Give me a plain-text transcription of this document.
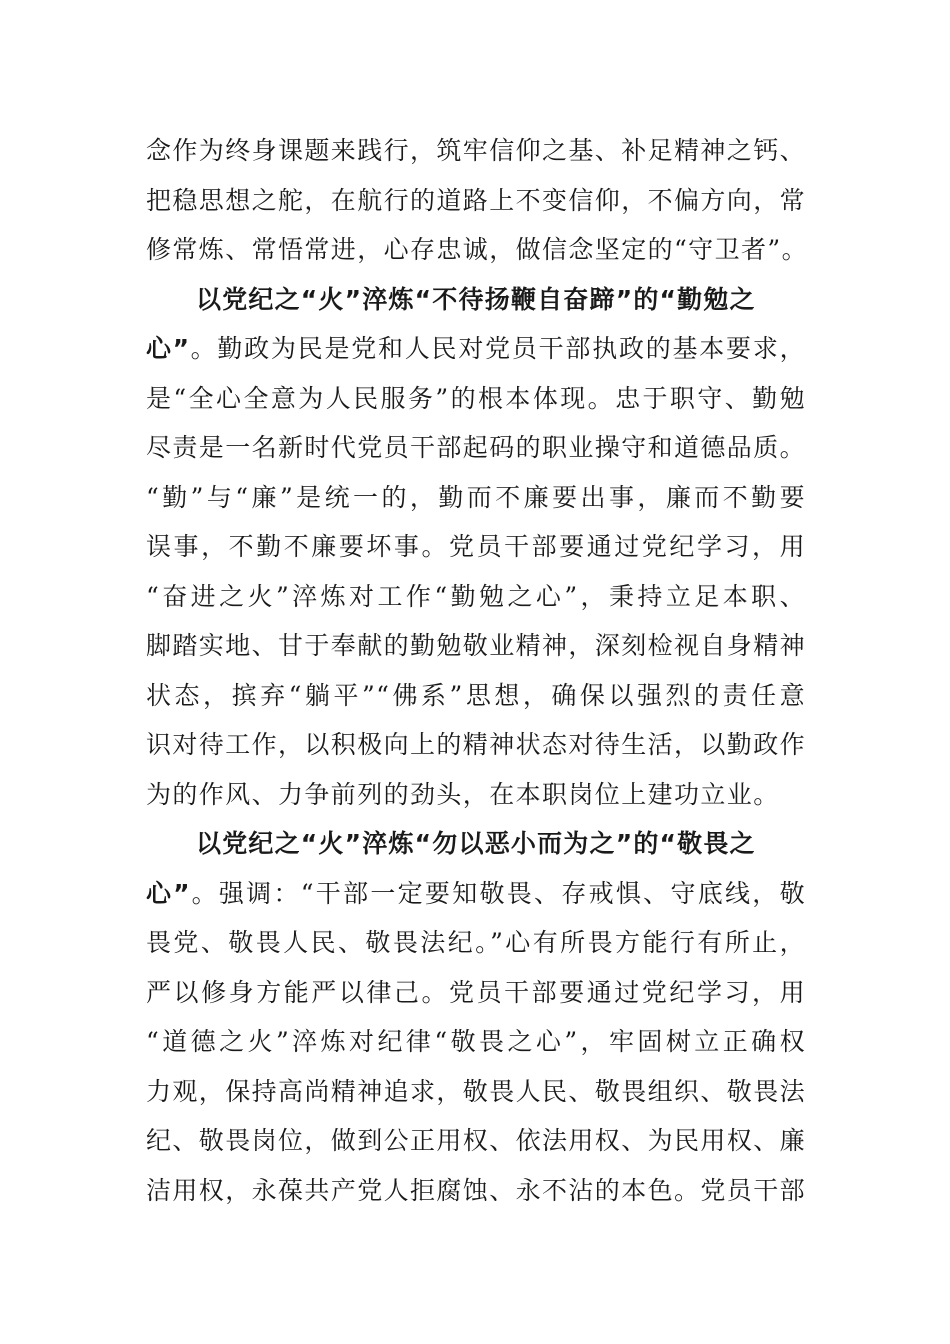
念作为终身课题来践行，筑牢信仰之基、补足精神之钙、
把稳思想之舵，在航行的道路上不变信仰，不偏方向，常
修常炼、常悟常进，心存忠诚，做信念坚定的“守卫者”。
以党纪之“火”淬炼“不待扬鞭自奋蹄”的“勤勉之
心”。勤政为民是党和人民对党员干部执政的基本要求，
是“全心全意为人民服务”的根本体现。忠于职守、勤勉
尽责是一名新时代党员干部起码的职业操守和道德品质。
“勤”与“廉”是统一的，勤而不廉要出事，廉而不勤要
误事，不勤不廉要坏事。党员干部要通过党纪学习，用
“奋进之火”淬炼对工作“勤勉之心”，秉持立足本职、
脚踏实地、甘于奉献的勤勉敬业精神，深刻检视自身精神
状态，摈弃“躺平”“佛系”思想，确保以强烈的责任意
识对待工作，以积极向上的精神状态对待生活，以勤政作
为的作风、力争前列的劲头，在本职岗位上建功立业。
以党纪之“火”淬炼“勿以恶小而为之”的“敬畏之
心”。强调：“干部一定要知敬畏、存戒惧、守底线，敬
畏党、敬畏人民、敬畏法纪。”心有所畏方能行有所止，
严以修身方能严以律己。党员干部要通过党纪学习，用
“道德之火”淬炼对纪律“敬畏之心”，牢固树立正确权
力观，保持高尚精神追求，敬畏人民、敬畏组织、敬畏法
纪、敬畏岗位，做到公正用权、依法用权、为民用权、廉
洁用权，永葆共产党人拒腐蚀、永不沾的本色。党员干部
